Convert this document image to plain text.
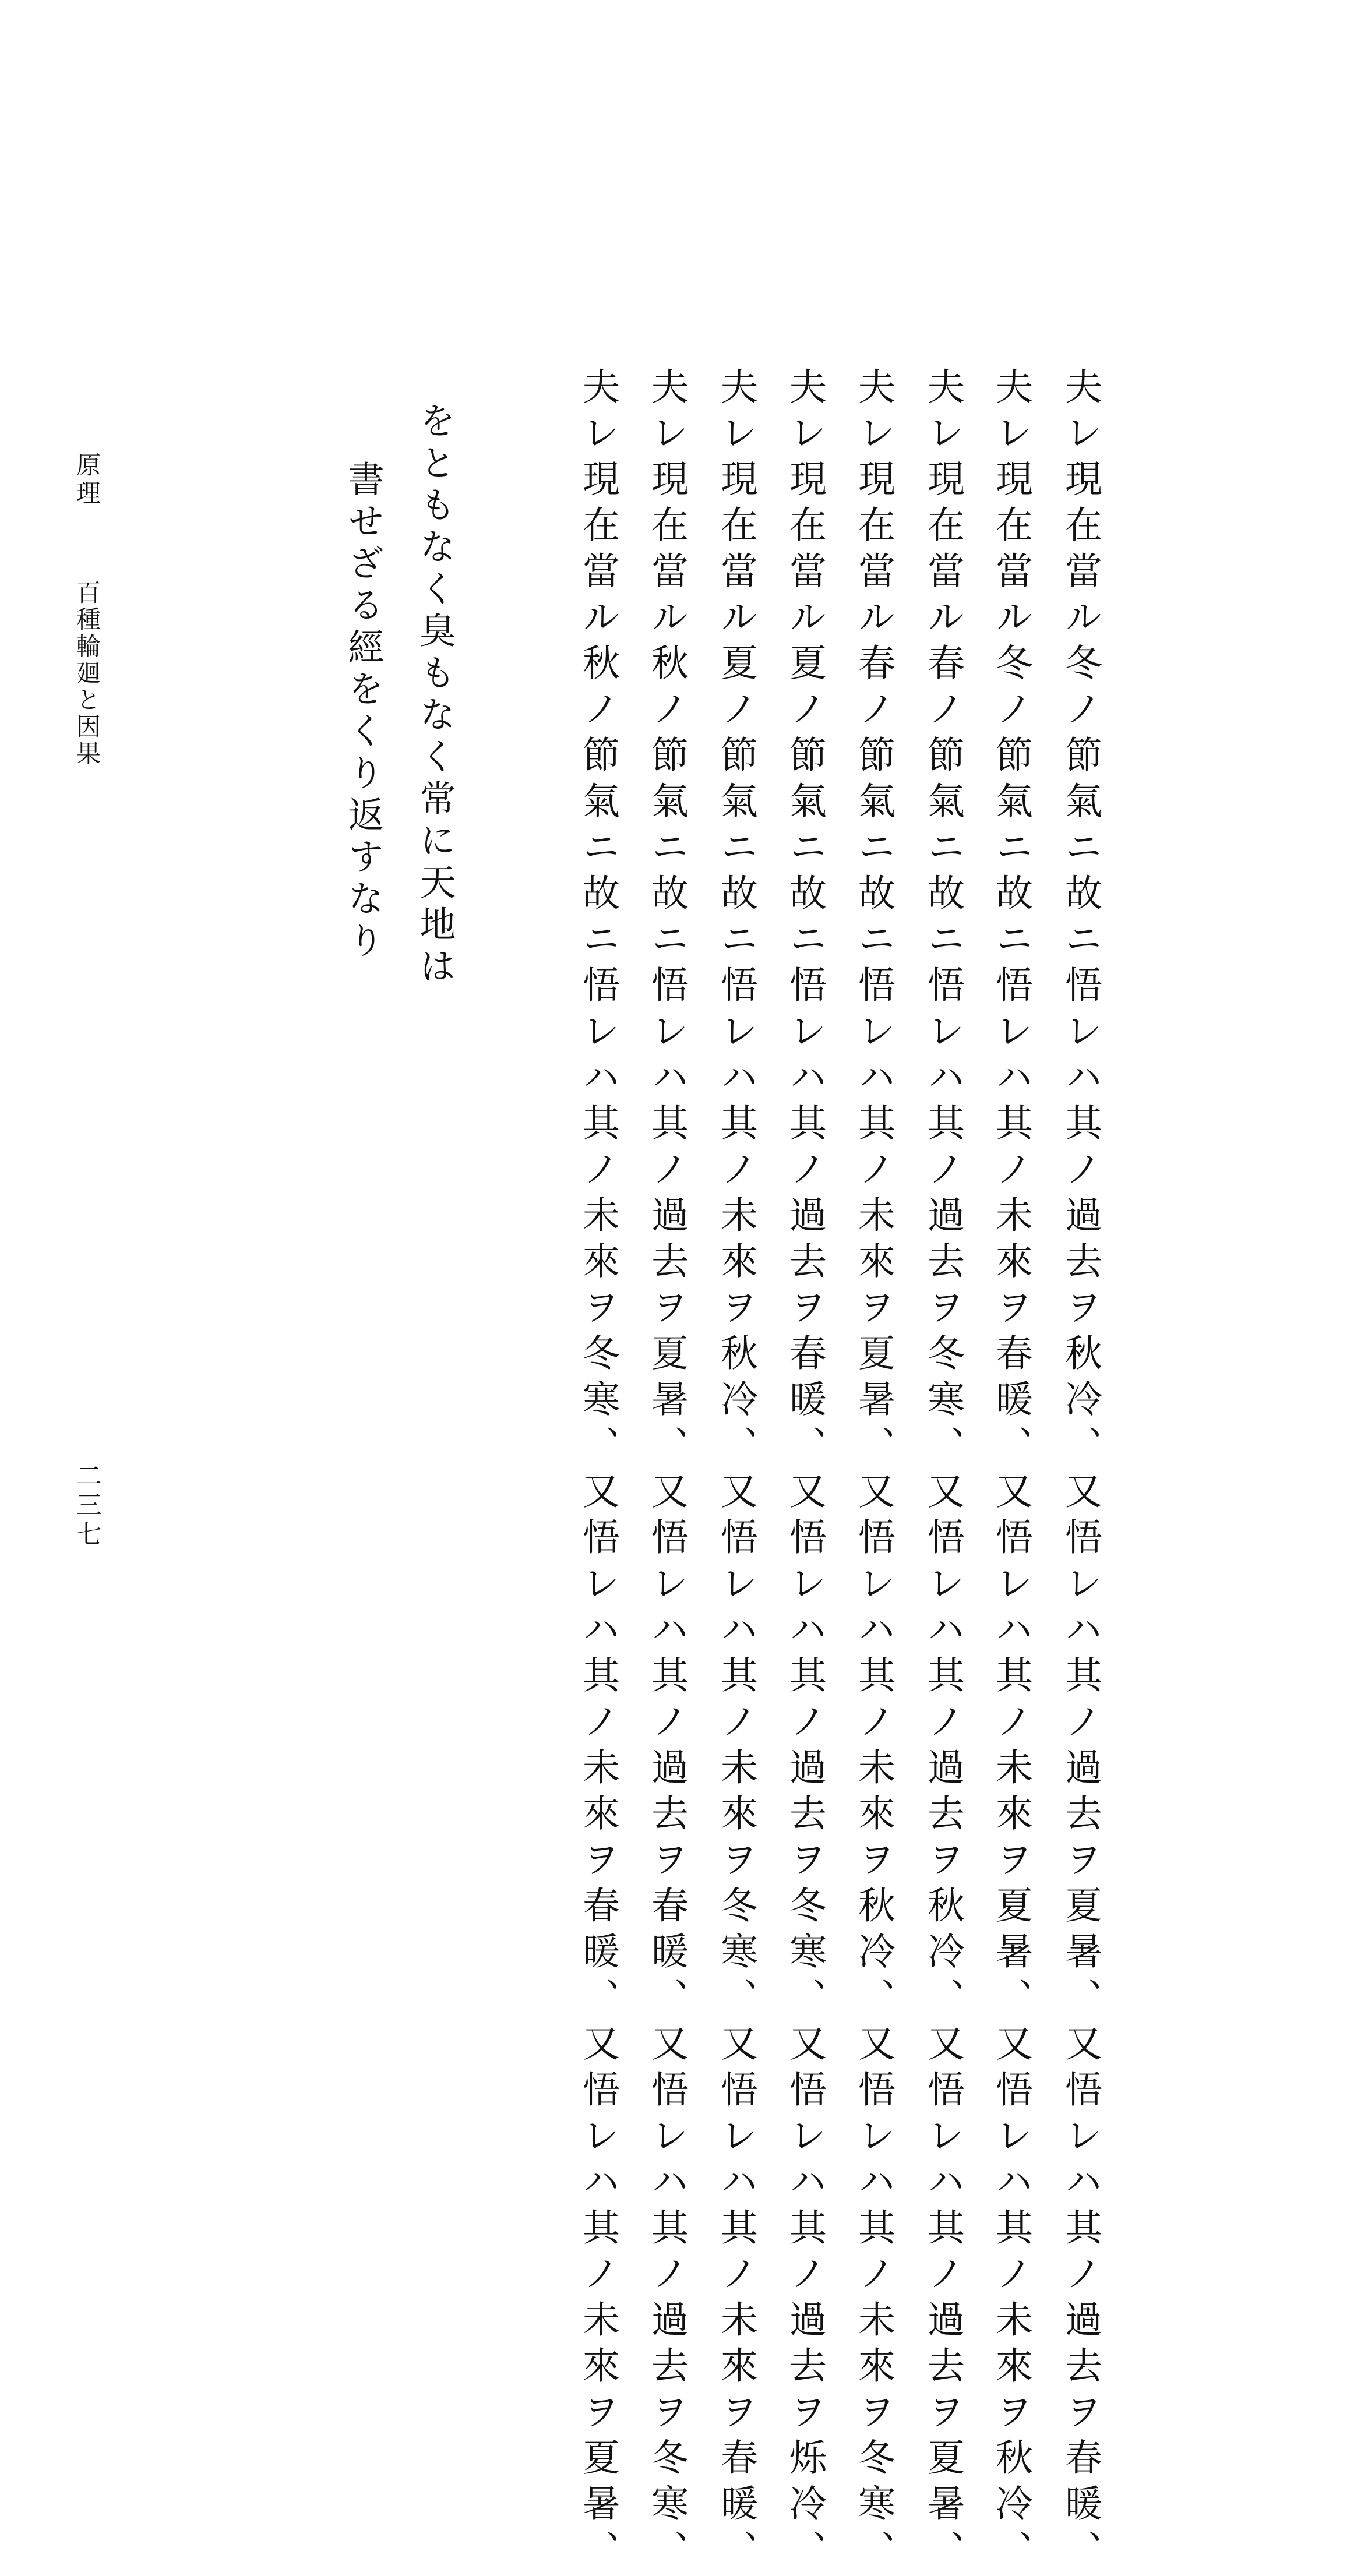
夫レ現在當ル冬ノ節氣ニ故ニ悟レハ其ノ過去ヲ秋冷、又悟レハ其ノ過去ヲ夏暑、又悟レハ其ノ過去ヲ春暖、
夫レ現在當ル冬ノ節氣ニ故ニ悟レハ其ノ未來ヲ春暖、又悟レハ其ノ未來ヲ夏暑、又悟レハ其ノ未來ヲ秋冷、
夫レ現在當ル春ノ節氣ニ故ニ悟レハ其ノ過去ヲ冬寒、又悟レハ其ノ過去ヲ秋冷、又悟レハ其ノ過去ヲ夏暑、
夫レ現在當ル春ノ節氣ニ故ニ悟レハ其ノ未來ヲ夏暑、又悟レハ其ノ未來ヲ秋冷、又悟レハ其ノ未來ヲ冬寒、
夫レ現在當ル夏ノ節氣ニ故ニ悟レハ其ノ過去ヲ春暖、又悟レハ其ノ過去ヲ冬寒、又悟レハ其ノ過去ヲ烁冷、
夫レ現在當ル夏ノ節氣ニ故ニ悟レハ其ノ未來ヲ秋冷、又悟レハ其ノ未來ヲ冬寒、又悟レハ其ノ未來ヲ春暖、
夫レ現在當ル秋ノ節氣ニ故ニ悟レハ其ノ過去ヲ夏暑、又悟レハ其ノ過去ヲ春暖、又悟レハ其ノ過去ヲ冬寒、
夫レ現在當ル秋ノ節氣ニ故ニ悟レハ其ノ未來ヲ冬寒、又悟レハ其ノ未來ヲ春暖、又悟レハ其ノ未來ヲ夏暑、
をともなく臭もなく常に天地は
書せざる經をくり返すなり
原理
百種輪廻と因果
二三七
